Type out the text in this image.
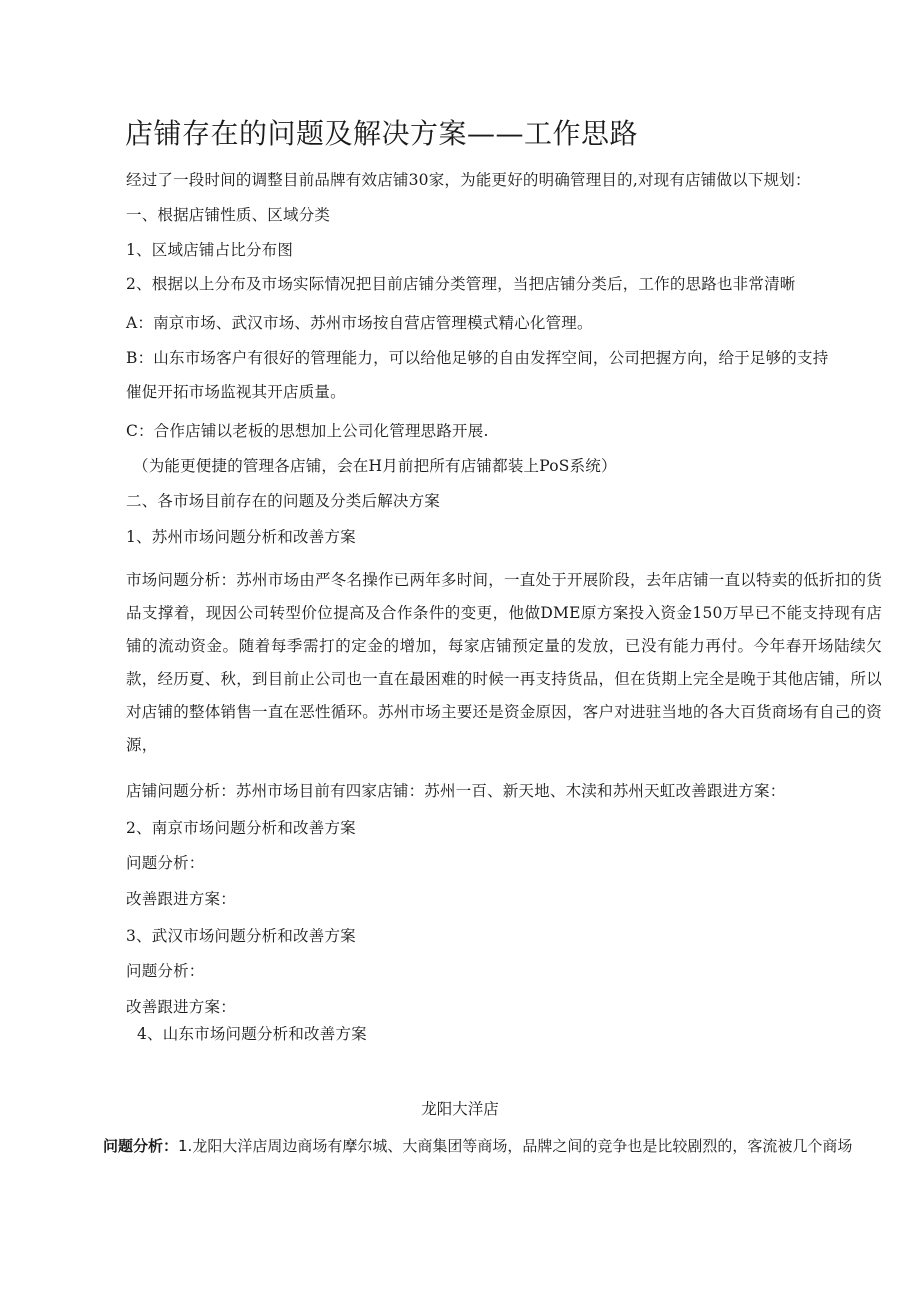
店铺存在的问题及解决方案——工作思路
经过了一段时间的调整目前品牌有效店铺30家，为能更好的明确管理目的,对现有店铺做以下规划：
一、根据店铺性质、区域分类
1、区域店铺占比分布图
2、根据以上分布及市场实际情况把目前店铺分类管理，当把店铺分类后，工作的思路也非常清晰
A：南京市场、武汉市场、苏州市场按自营店管理模式精心化管理。
B：山东市场客户有很好的管理能力，可以给他足够的自由发挥空间，公司把握方向，给于足够的支持
催促开拓市场监视其开店质量。
C：合作店铺以老板的思想加上公司化管理思路开展.
（为能更便捷的管理各店铺，会在H月前把所有店铺都装上PoS系统）
二、各市场目前存在的问题及分类后解决方案
1、苏州市场问题分析和改善方案
市场问题分析：苏州市场由严冬名操作已两年多时间，一直处于开展阶段，去年店铺一直以特卖的低折扣的货品支撑着，现因公司转型价位提高及合作条件的变更，他做DME原方案投入资金150万早已不能支持现有店铺的流动资金。随着每季需打的定金的增加，每家店铺预定量的发放，已没有能力再付。今年春开场陆续欠款，经历夏、秋，到目前止公司也一直在最困难的时候一再支持货品，但在货期上完全是晚于其他店铺，所以对店铺的整体销售一直在恶性循环。苏州市场主要还是资金原因，客户对进驻当地的各大百货商场有自己的资源，
店铺问题分析：苏州市场目前有四家店铺：苏州一百、新天地、木渎和苏州天虹改善跟进方案：
2、南京市场问题分析和改善方案
问题分析：
改善跟进方案：
3、武汉市场问题分析和改善方案
问题分析：
改善跟进方案：
4、山东市场问题分析和改善方案
龙阳大洋店
问题分析：1.龙阳大洋店周边商场有摩尔城、大商集团等商场，品牌之间的竞争也是比较剧烈的，客流被几个商场
